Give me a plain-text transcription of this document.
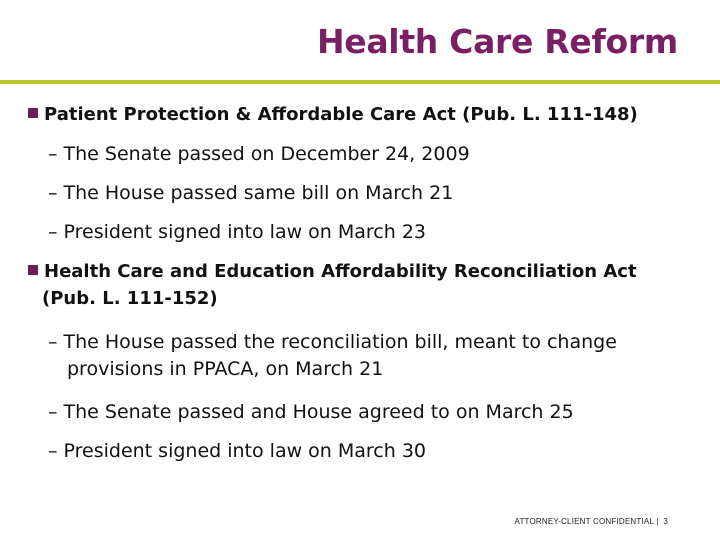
Health Care Reform
Patient Protection & Affordable Care Act (Pub. L. 111-148)
– The Senate passed on December 24, 2009
– The House passed same bill on March 21
– President signed into law on March 23
Health Care and Education Affordability Reconciliation Act
(Pub. L. 111-152)
– The House passed the reconciliation bill, meant to change
provisions in PPACA, on March 21
– The Senate passed and House agreed to on March 25
– President signed into law on March 30
ATTORNEY-CLIENT CONFIDENTIAL | 3
